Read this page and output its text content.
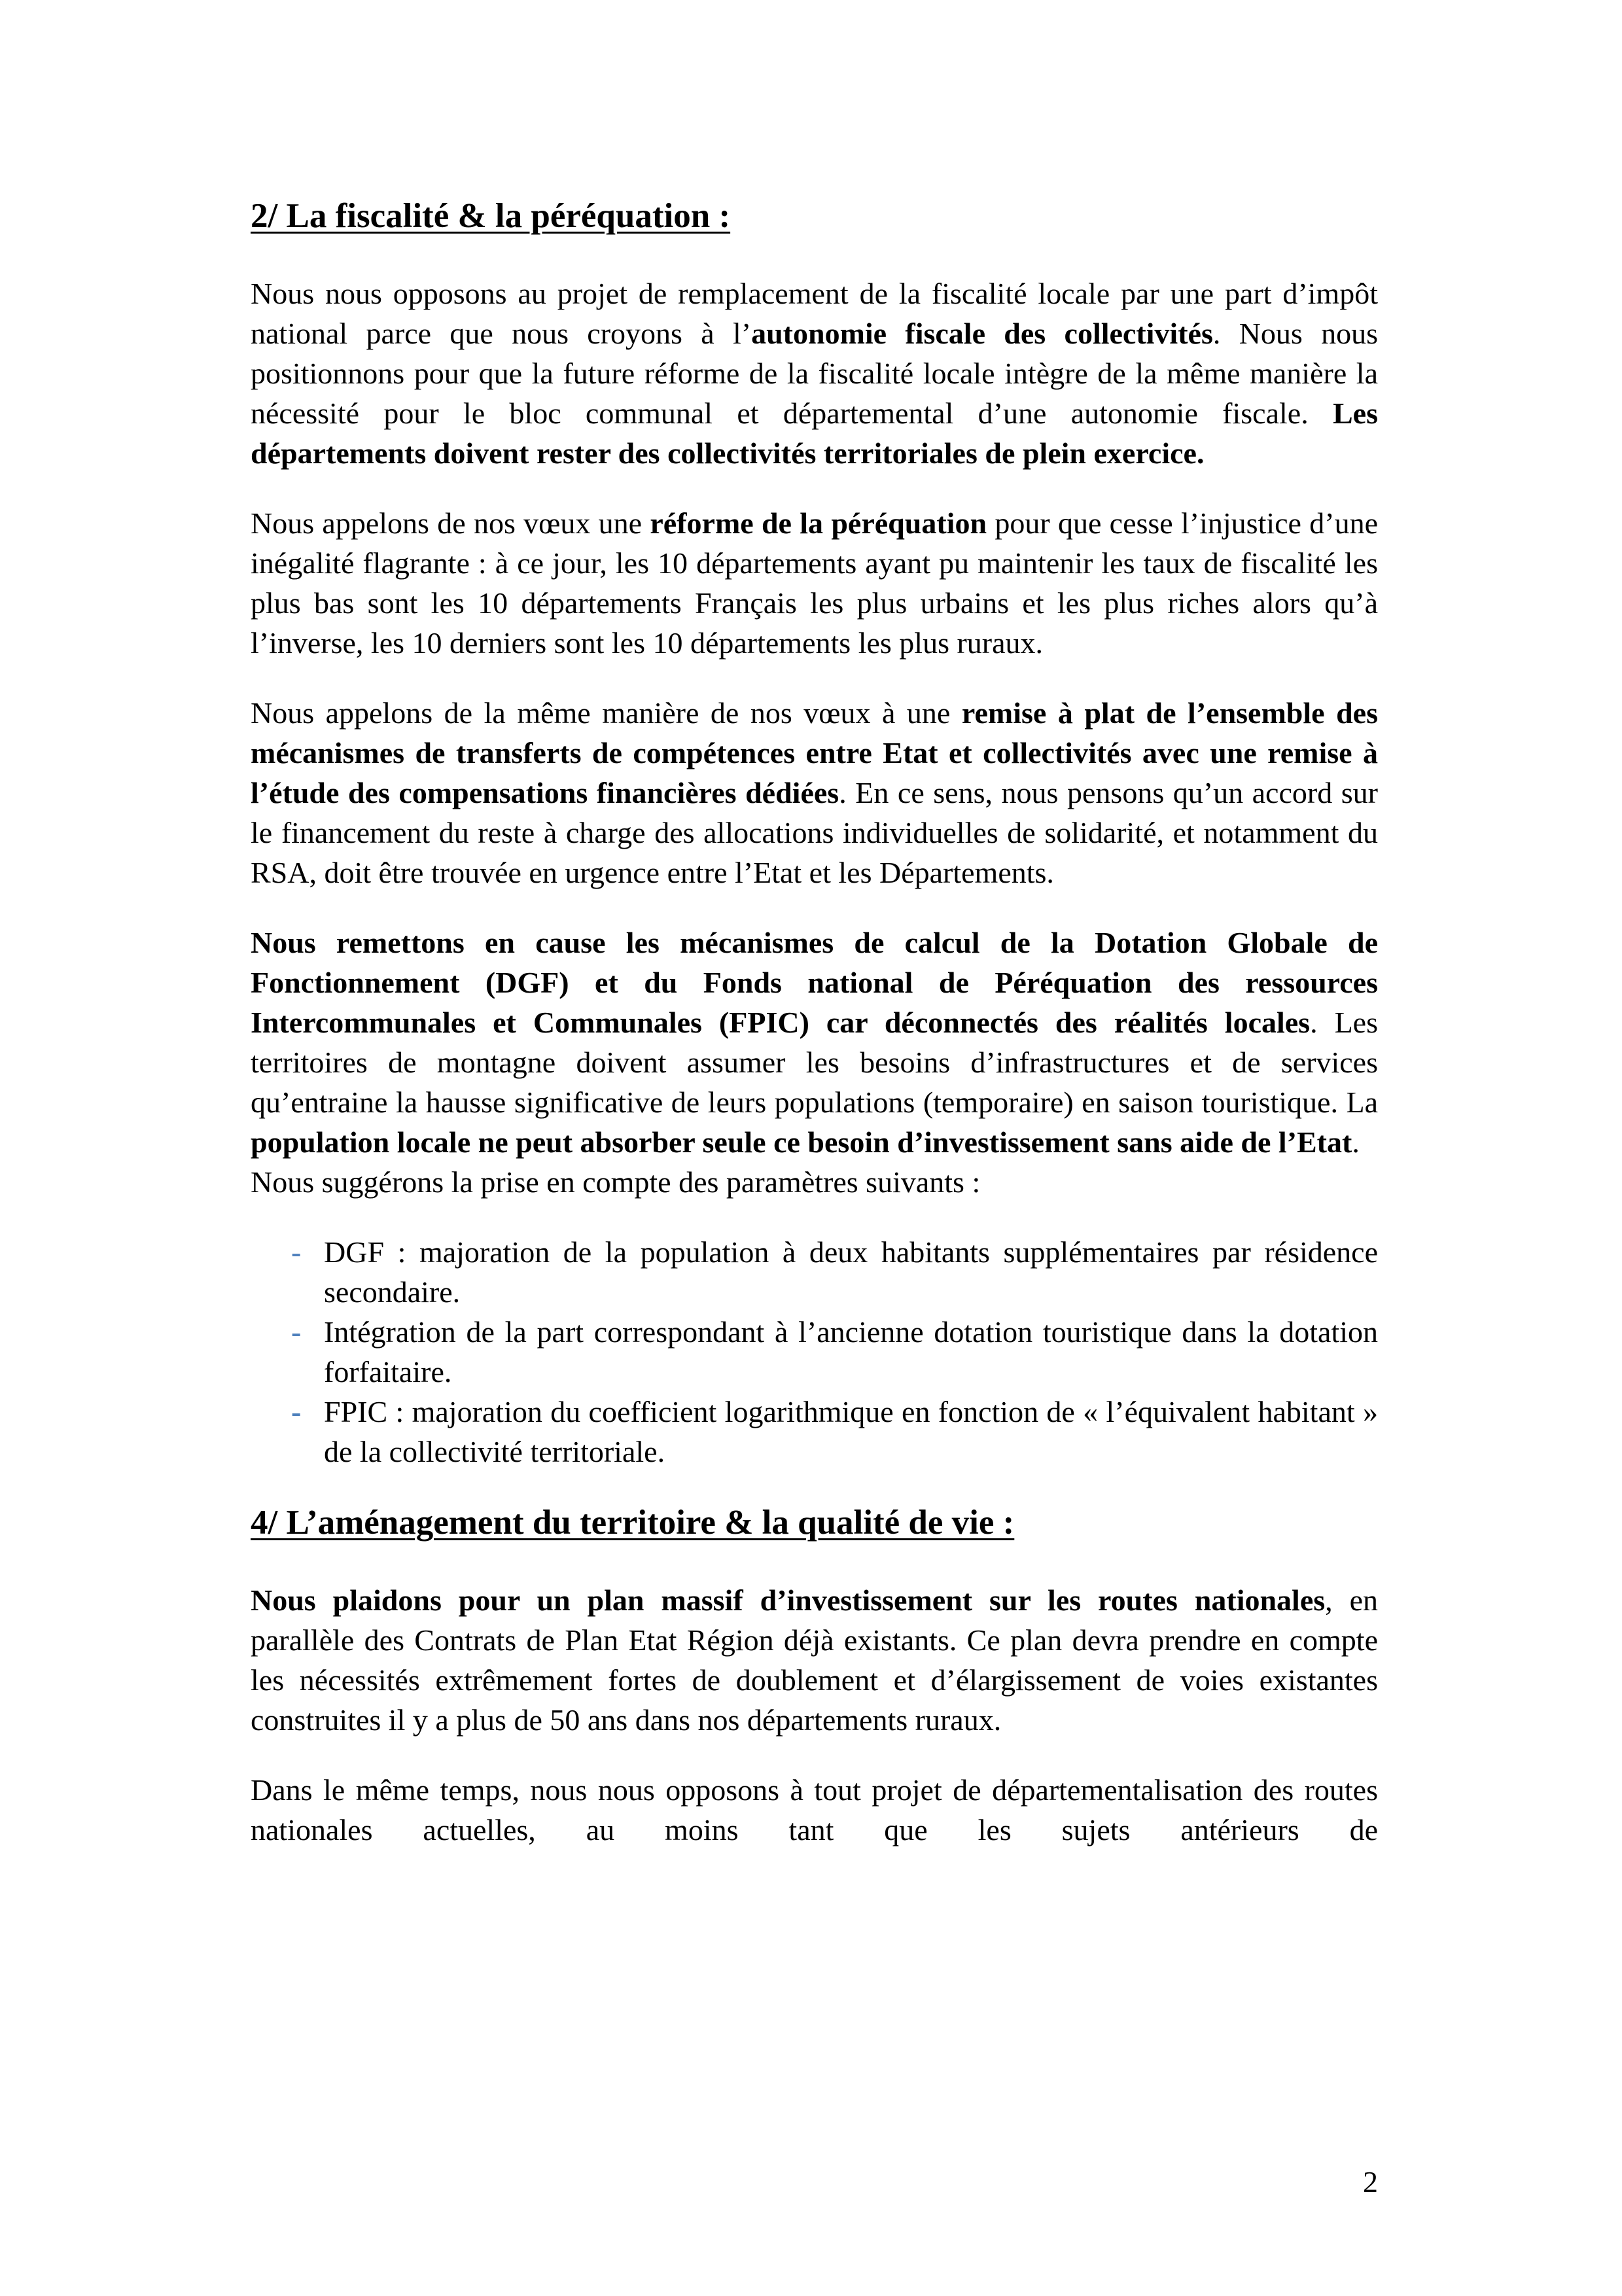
2/ La fiscalité & la péréquation :

Nous nous opposons au projet de remplacement de la fiscalité locale par une part d’impôt national parce que nous croyons à l’autonomie fiscale des collectivités. Nous nous positionnons pour que la future réforme de la fiscalité locale intègre de la même manière la nécessité pour le bloc communal et départemental d’une autonomie fiscale. Les départements doivent rester des collectivités territoriales de plein exercice.

Nous appelons de nos vœux une réforme de la péréquation pour que cesse l’injustice d’une inégalité flagrante : à ce jour, les 10 départements ayant pu maintenir les taux de fiscalité les plus bas sont les 10 départements Français les plus urbains et les plus riches alors qu’à l’inverse, les 10 derniers sont les 10 départements les plus ruraux.

Nous appelons de la même manière de nos vœux à une remise à plat de l’ensemble des mécanismes de transferts de compétences entre Etat et collectivités avec une remise à l’étude des compensations financières dédiées. En ce sens, nous pensons qu’un accord sur le financement du reste à charge des allocations individuelles de solidarité, et notamment du RSA, doit être trouvée en urgence entre l’Etat et les Départements.

Nous remettons en cause les mécanismes de calcul de la Dotation Globale de Fonctionnement (DGF) et du Fonds national de Péréquation des ressources Intercommunales et Communales (FPIC) car déconnectés des réalités locales. Les territoires de montagne doivent assumer les besoins d’infrastructures et de services qu’entraine la hausse significative de leurs populations (temporaire) en saison touristique. La population locale ne peut absorber seule ce besoin d’investissement sans aide de l’Etat.

Nous suggérons la prise en compte des paramètres suivants :

- DGF : majoration de la population à deux habitants supplémentaires par résidence secondaire.
- Intégration de la part correspondant à l’ancienne dotation touristique dans la dotation forfaitaire.
- FPIC : majoration du coefficient logarithmique en fonction de « l’équivalent habitant » de la collectivité territoriale.
4/ L’aménagement du territoire & la qualité de vie :

Nous plaidons pour un plan massif d’investissement sur les routes nationales, en parallèle des Contrats de Plan Etat Région déjà existants. Ce plan devra prendre en compte les nécessités extrêmement fortes de doublement et d’élargissement de voies existantes construites il y a plus de 50 ans dans nos départements ruraux.

Dans le même temps, nous nous opposons à tout projet de départementalisation des routes nationales actuelles, au moins tant que les sujets antérieurs de

2
